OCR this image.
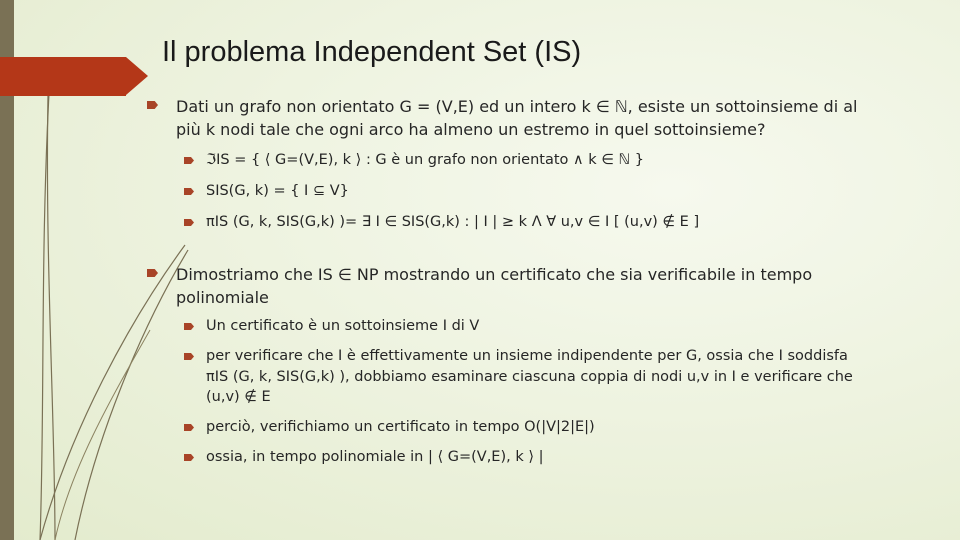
Il problema Independent Set (IS)
Dati un grafo non orientato G = (V,E) ed un intero k ∈ ℕ, esiste un sottoinsieme di al
più k nodi tale che ogni arco ha almeno un estremo in quel sottoinsieme?
ℑIS = { ⟨ G=(V,E), k ⟩ : G è un grafo non orientato ∧ k ∈ ℕ }
SIS(G, k) = { I ⊆ V}
πIS (G, k, SIS(G,k) )= ∃ I ∈ SIS(G,k) : | I | ≥ k Λ ∀ u,v ∈ I [ (u,v) ∉ E ]
Dimostriamo che IS ∈ NP mostrando un certificato che sia verificabile in tempo
polinomiale
Un certificato è un sottoinsieme I di V
per verificare che I è effettivamente un insieme indipendente per G, ossia che I soddisfa
πIS (G, k, SIS(G,k) ), dobbiamo esaminare ciascuna coppia di nodi u,v in I e verificare che
(u,v) ∉ E
perciò, verifichiamo un certificato in tempo O(|V|2|E|)
ossia, in tempo polinomiale in | ⟨ G=(V,E), k ⟩ |
